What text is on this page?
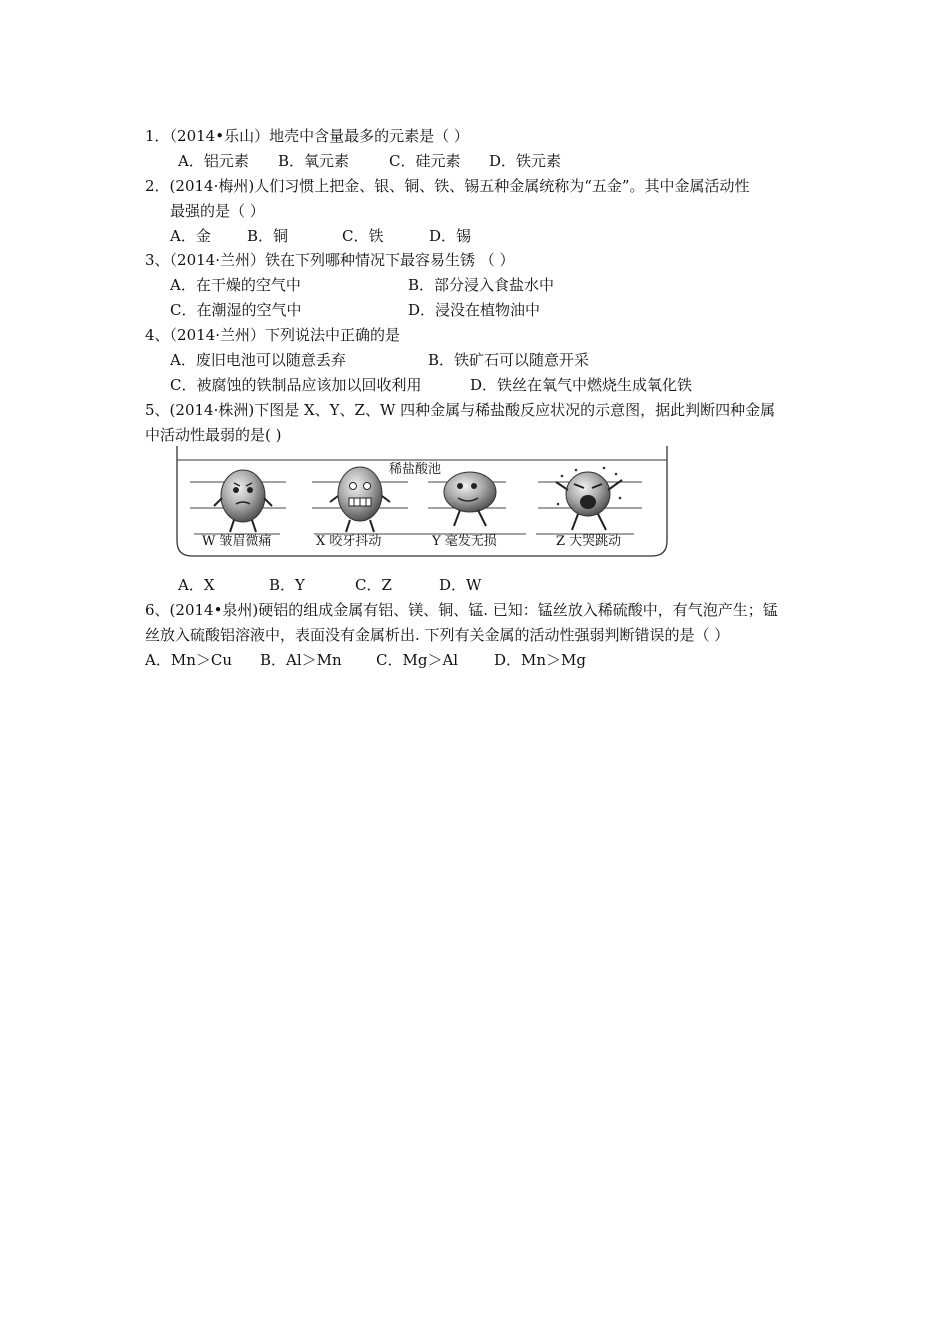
1．（2014•乐山）地壳中含量最多的元素是（ ）
A．铝元素 B．氧元素	C．硅元素 D．铁元素
2．(2014·梅州)人们习惯上把金、银、铜、铁、锡五种金属统称为“五金”。其中金属活动性
最强的是（ ）
A．金 B．铜	C．铁	D．锡
3、（2014·兰州）铁在下列哪种情况下最容易生锈 （ ）
A．在干燥的空气中	B．部分浸入食盐水中
C．在潮湿的空气中	D．浸没在植物油中
4、（2014·兰州）下列说法中正确的是
A．废旧电池可以随意丢弃	B．铁矿石可以随意开采
C．被腐蚀的铁制品应该加以回收利用	D．铁丝在氧气中燃烧生成氧化铁
5、(2014·株洲)下图是 X、Y、Z、W 四种金属与稀盐酸反应状况的示意图，据此判断四种金属
中活动性最弱的是( )
稀盐酸池
W 皱眉微痛	X 咬牙抖动	Y 毫发无损	Z 大哭跳动
A．X	B．Y	C．Z	D．W
6、(2014•泉州)硬铝的组成金属有铝、镁、铜、锰. 已知：锰丝放入稀硫酸中，有气泡产生；锰
丝放入硫酸铝溶液中，表面没有金属析出. 下列有关金属的活动性强弱判断错误的是（ ）
A．Mn＞Cu B．Al＞Mn C．Mg＞Al D．Mn＞Mg
